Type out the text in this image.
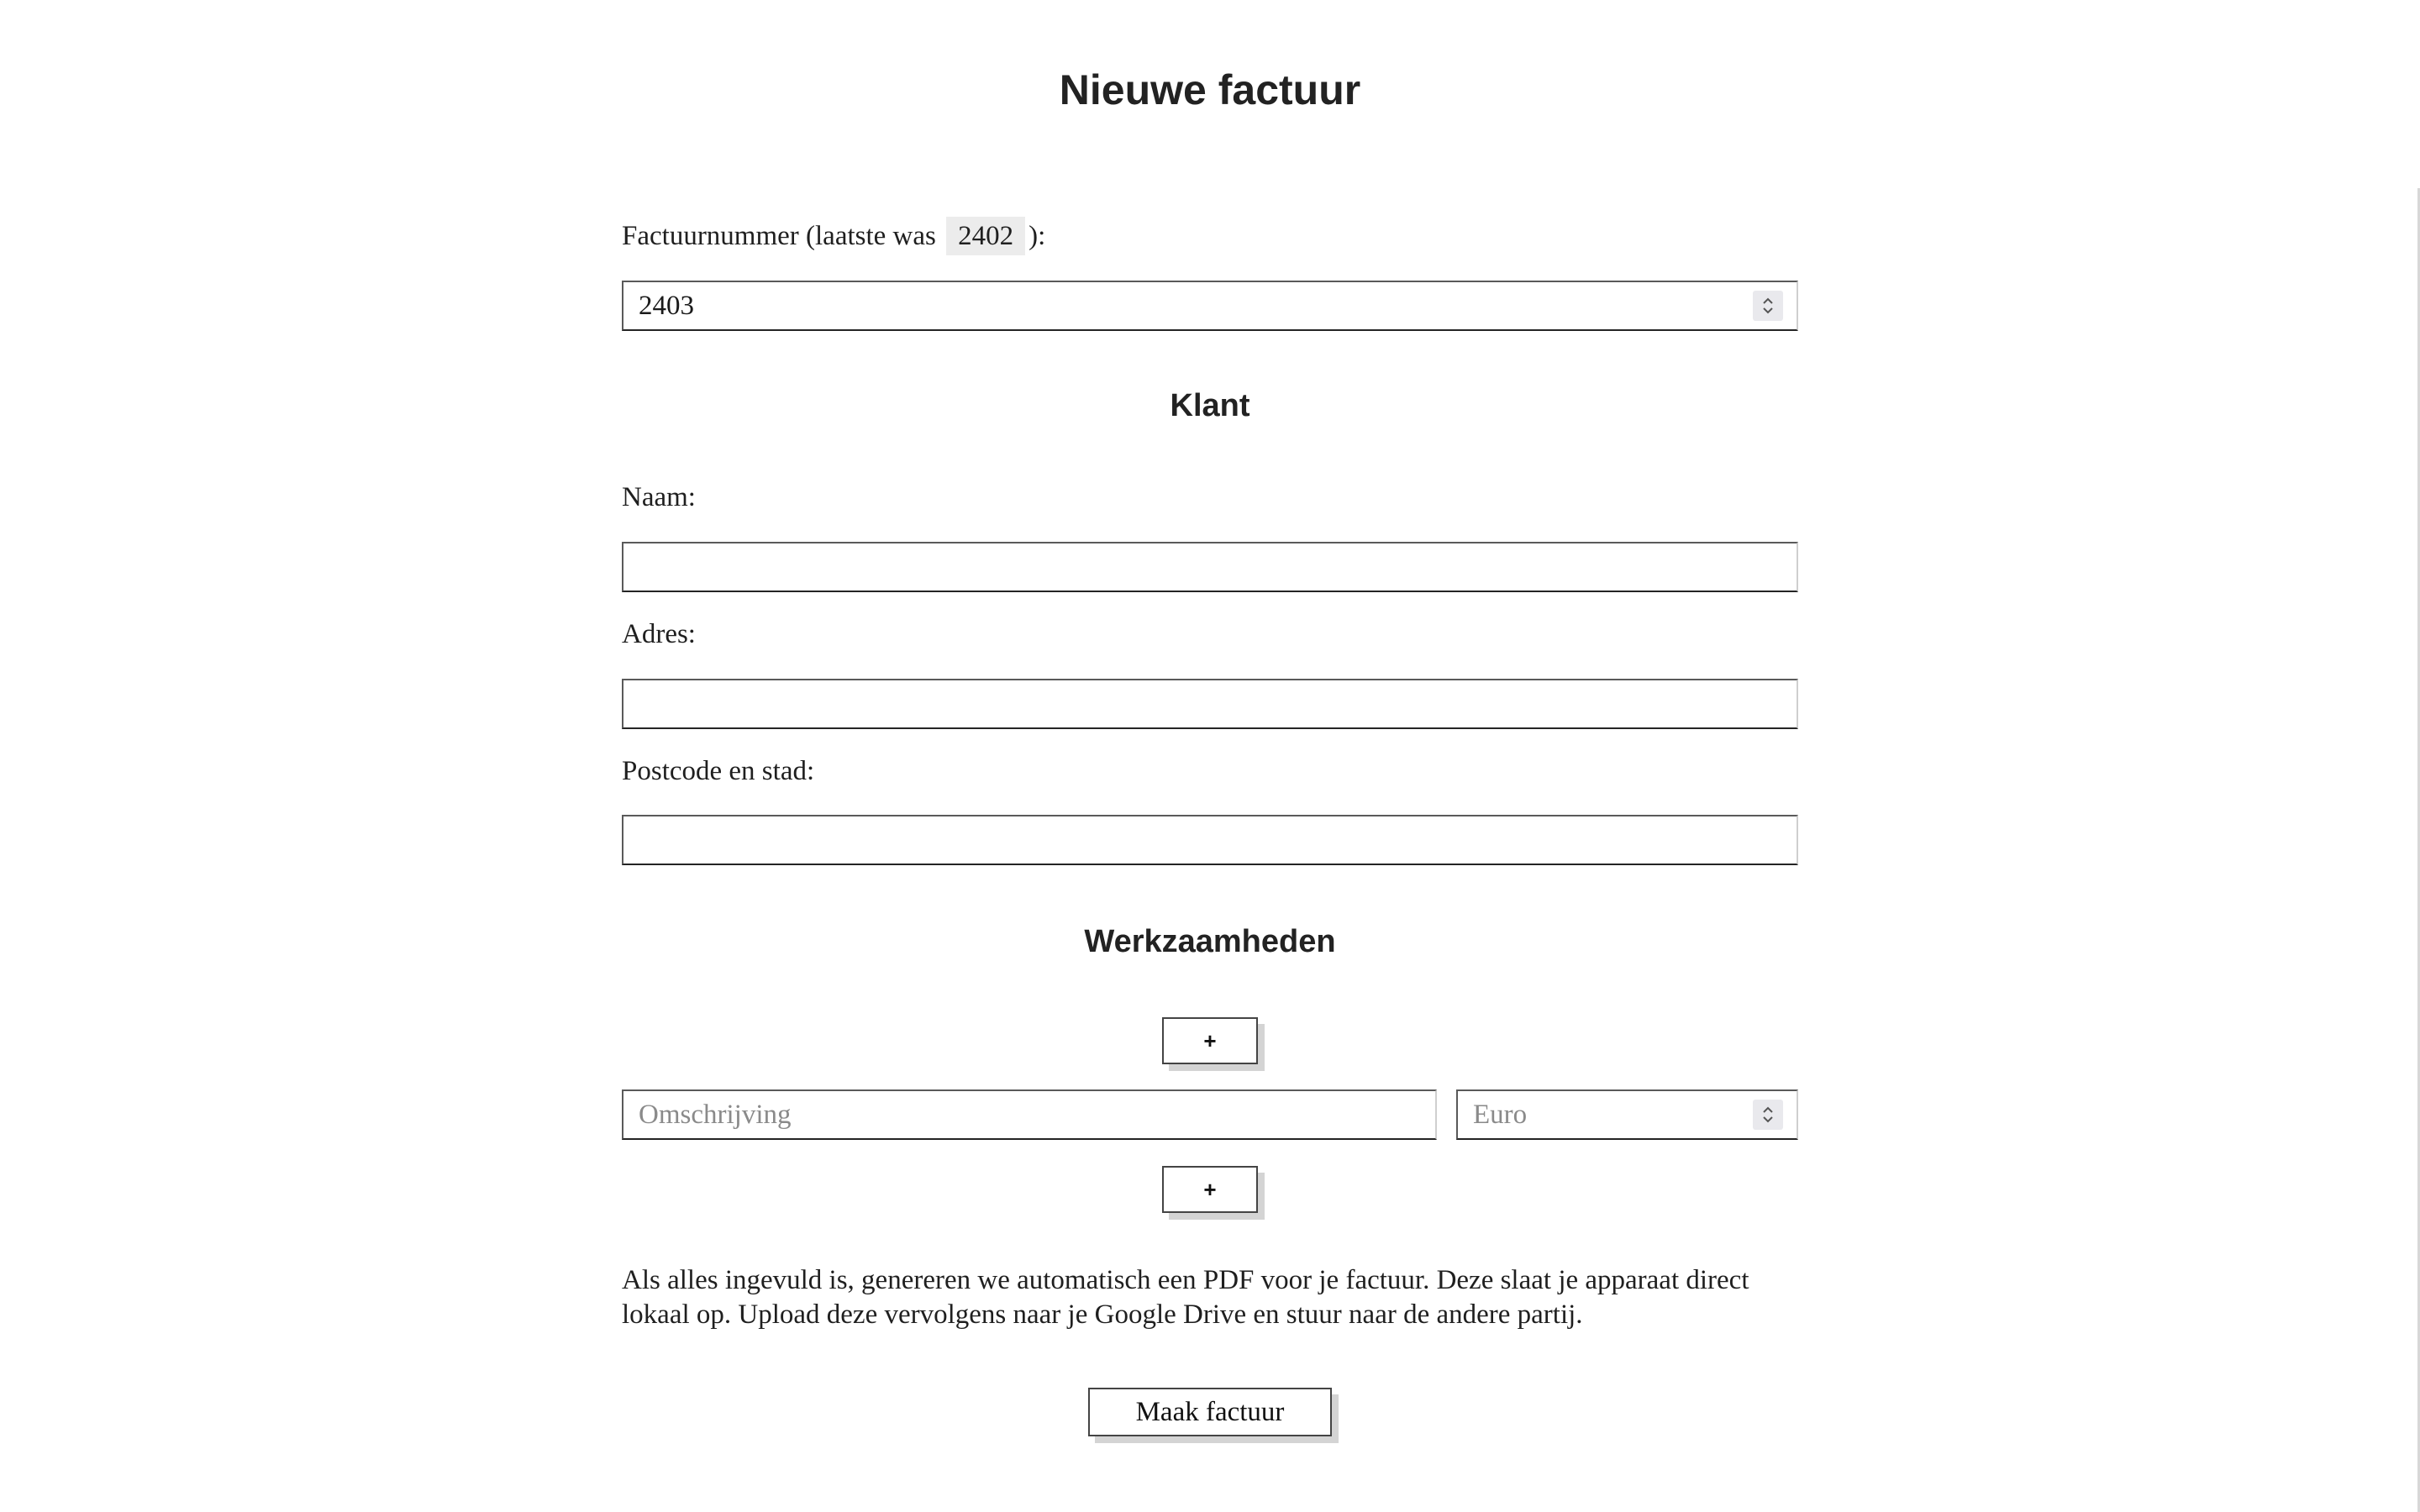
Nieuwe factuur
Factuurnummer (laatste was 2402 ):
2403
Klant
Naam:
Adres:
Postcode en stad:
Werkzaamheden
+
Omschrijving
Euro
+

Als alles ingevuld is, genereren we automatisch een PDF voor je factuur. Deze slaat je apparaat direct lokaal op. Upload deze vervolgens naar je Google Drive en stuur naar de andere partij.

Maak factuur
